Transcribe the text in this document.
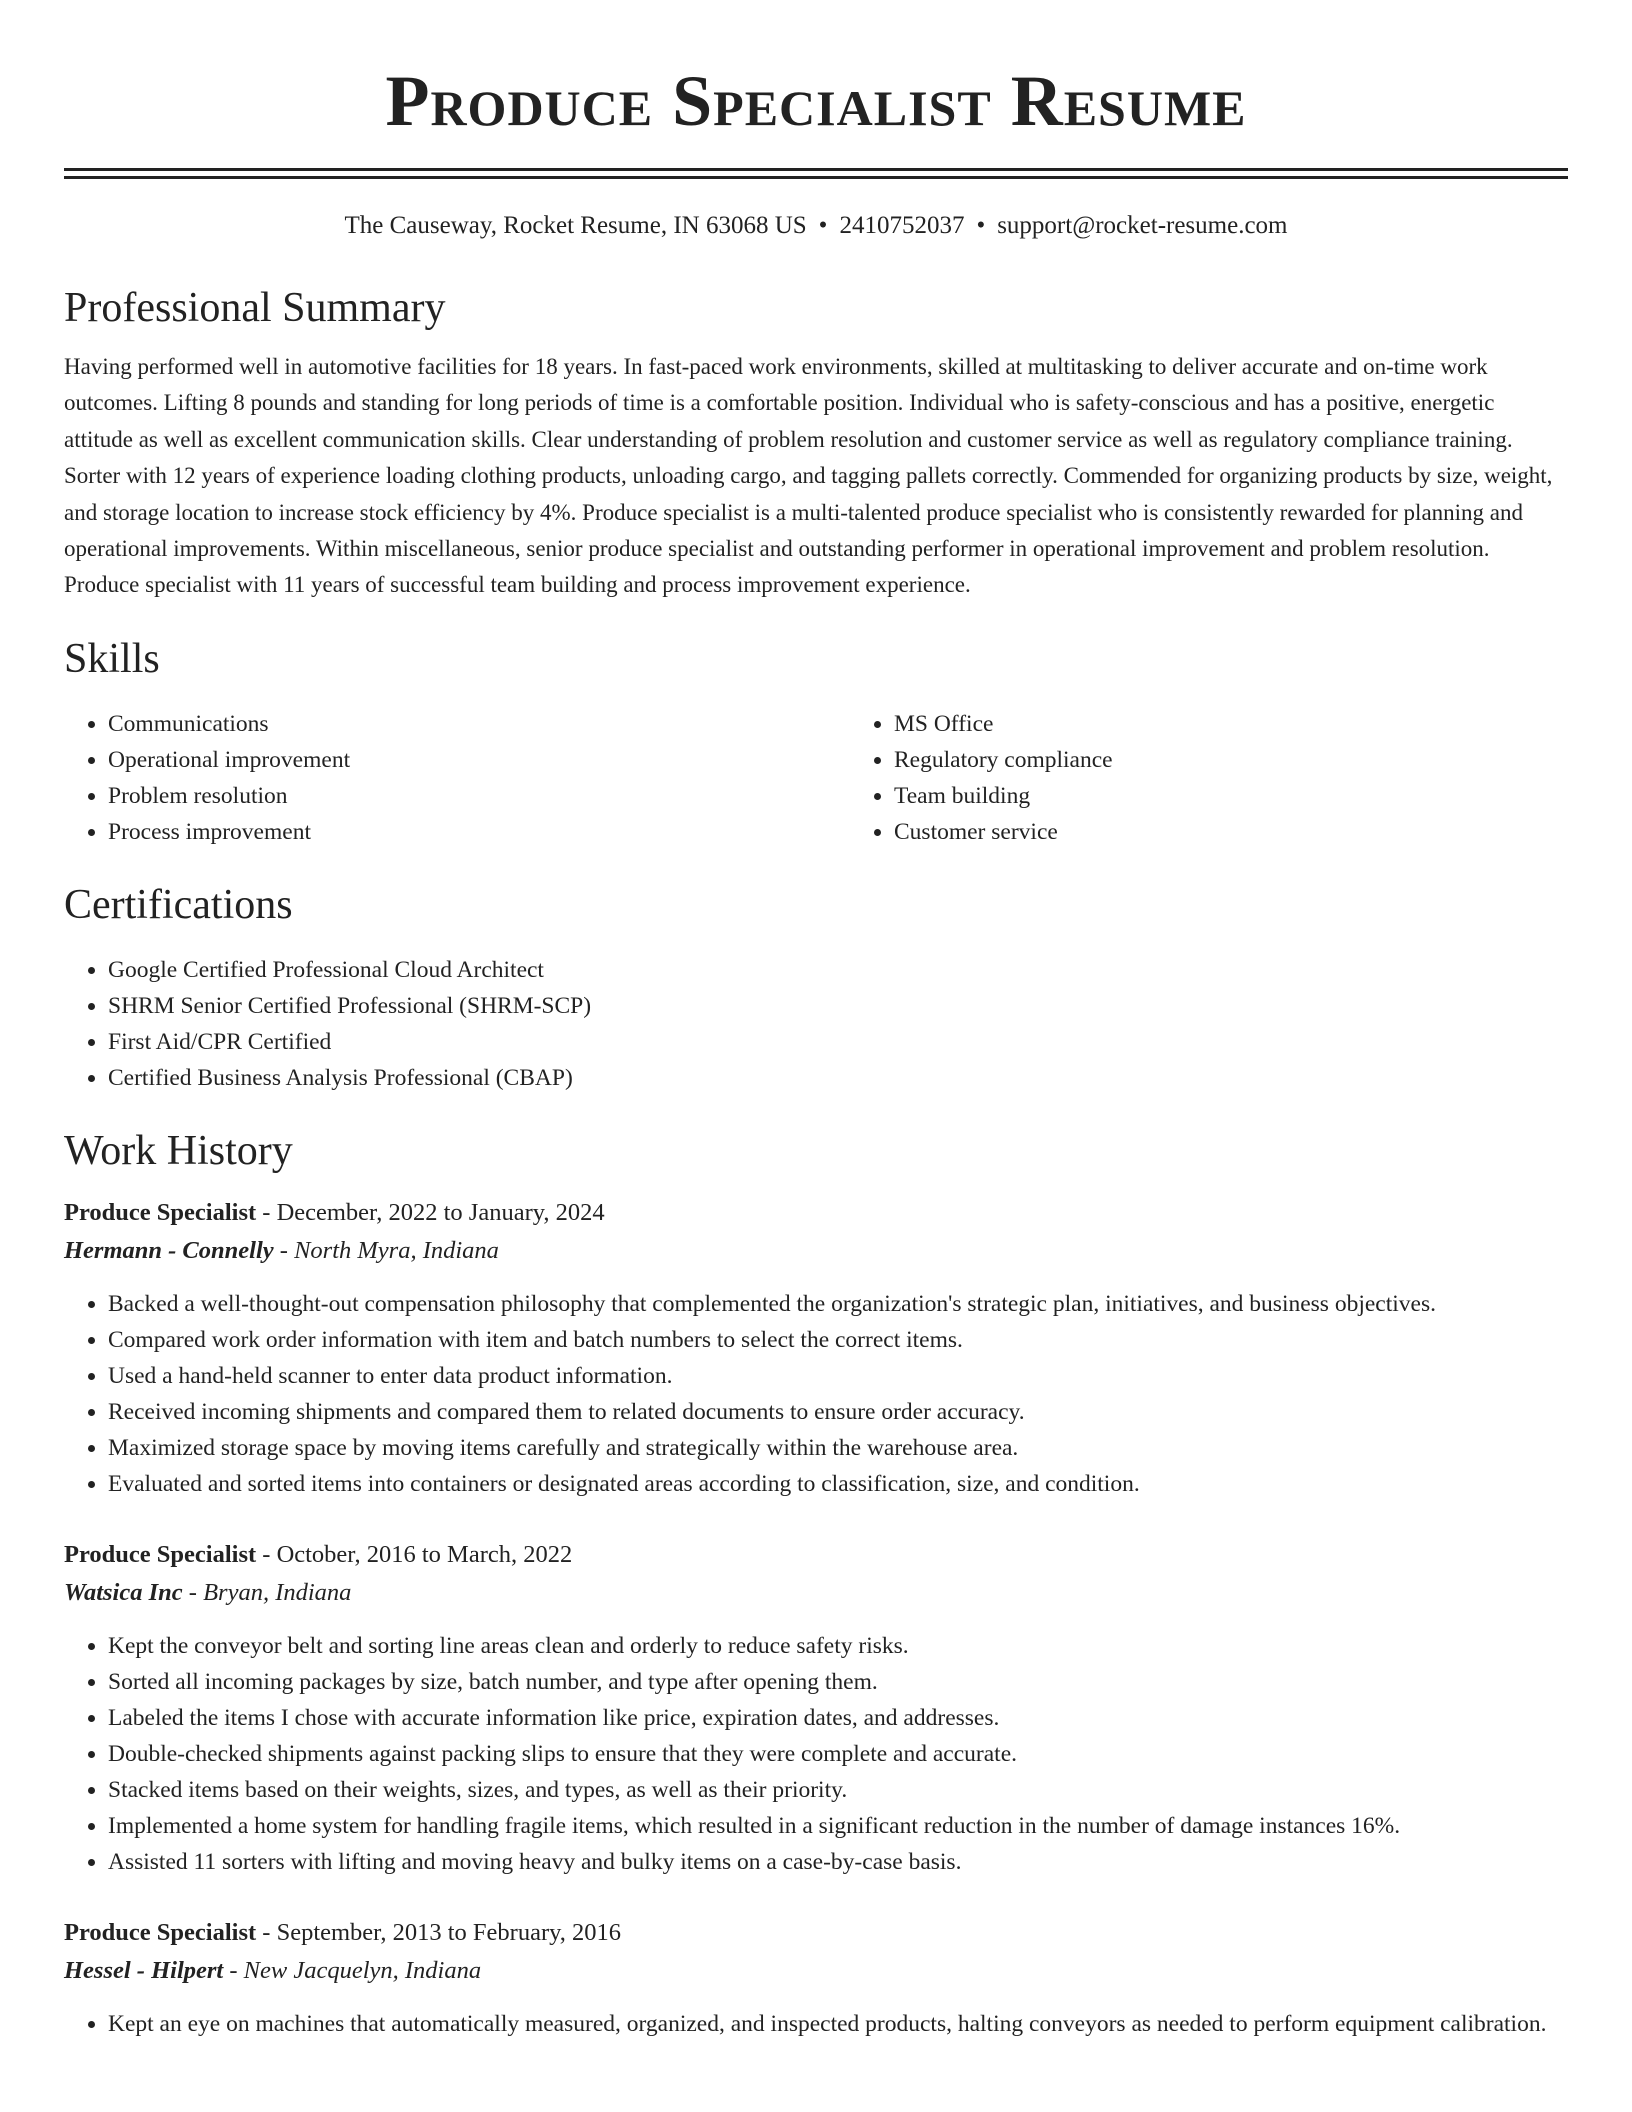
Produce Specialist Resume
The Causeway, Rocket Resume, IN 63068 US • 2410752037 • support@rocket-resume.com
Professional Summary

Having performed well in automotive facilities for 18 years. In fast-paced work environments, skilled at multitasking to deliver accurate and on-time work outcomes. Lifting 8 pounds and standing for long periods of time is a comfortable position. Individual who is safety-conscious and has a positive, energetic attitude as well as excellent communication skills. Clear understanding of problem resolution and customer service as well as regulatory compliance training. Sorter with 12 years of experience loading clothing products, unloading cargo, and tagging pallets correctly. Commended for organizing products by size, weight, and storage location to increase stock efficiency by 4%. Produce specialist is a multi-talented produce specialist who is consistently rewarded for planning and operational improvements. Within miscellaneous, senior produce specialist and outstanding performer in operational improvement and problem resolution. Produce specialist with 11 years of successful team building and process improvement experience.

Skills
• Communications
• Operational improvement
• Problem resolution
• Process improvement
• MS Office
• Regulatory compliance
• Team building
• Customer service
Certifications
• Google Certified Professional Cloud Architect
• SHRM Senior Certified Professional (SHRM-SCP)
• First Aid/CPR Certified
• Certified Business Analysis Professional (CBAP)
Work History
Produce Specialist - December, 2022 to January, 2024
Hermann - Connelly - North Myra, Indiana
• Backed a well-thought-out compensation philosophy that complemented the organization's strategic plan, initiatives, and business objectives.
• Compared work order information with item and batch numbers to select the correct items.
• Used a hand-held scanner to enter data product information.
• Received incoming shipments and compared them to related documents to ensure order accuracy.
• Maximized storage space by moving items carefully and strategically within the warehouse area.
• Evaluated and sorted items into containers or designated areas according to classification, size, and condition.
Produce Specialist - October, 2016 to March, 2022
Watsica Inc - Bryan, Indiana
• Kept the conveyor belt and sorting line areas clean and orderly to reduce safety risks.
• Sorted all incoming packages by size, batch number, and type after opening them.
• Labeled the items I chose with accurate information like price, expiration dates, and addresses.
• Double-checked shipments against packing slips to ensure that they were complete and accurate.
• Stacked items based on their weights, sizes, and types, as well as their priority.
• Implemented a home system for handling fragile items, which resulted in a significant reduction in the number of damage instances 16%.
• Assisted 11 sorters with lifting and moving heavy and bulky items on a case-by-case basis.
Produce Specialist - September, 2013 to February, 2016
Hessel - Hilpert - New Jacquelyn, Indiana
• Kept an eye on machines that automatically measured, organized, and inspected products, halting conveyors as needed to perform equipment calibration.
